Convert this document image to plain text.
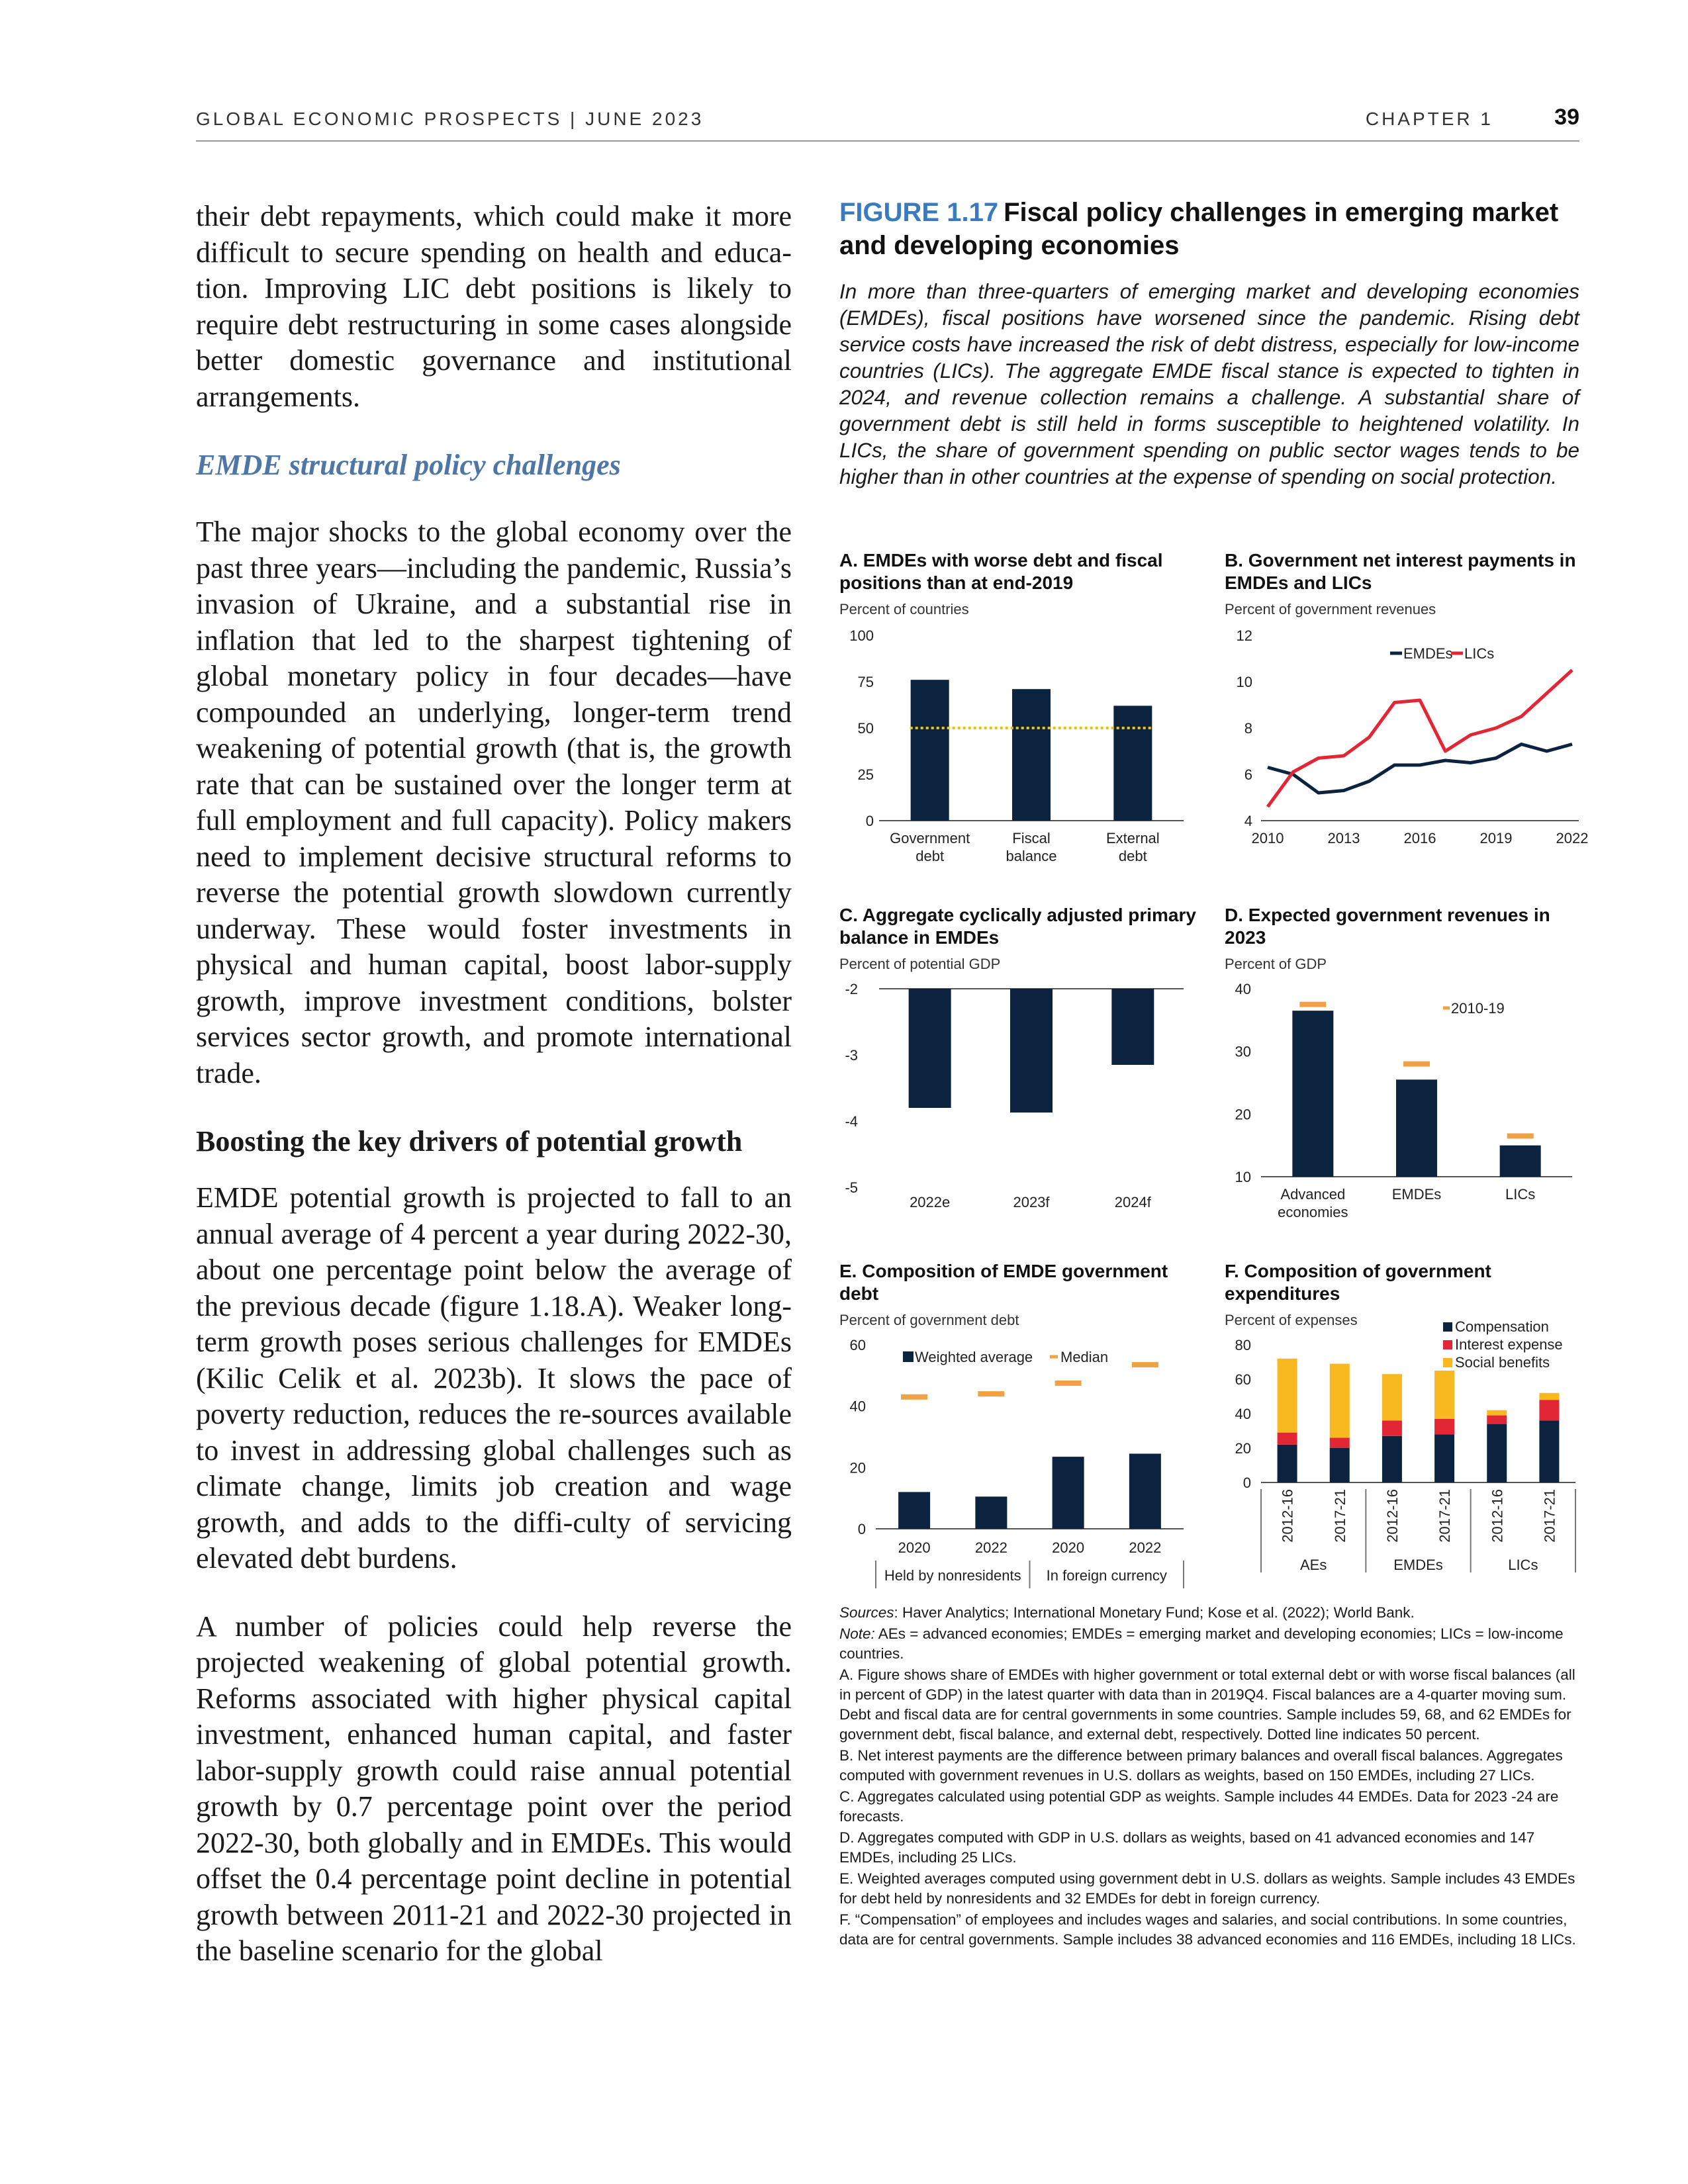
GLOBAL ECONOMIC PROSPECTS | JUNE 2023	CHAPTER 1	39

their debt repayments, which could make it more difficult to secure spending on health and educa-tion. Improving LIC debt positions is likely to require debt restructuring in some cases alongside better domestic governance and institutional arrangements.

EMDE structural policy challenges

The major shocks to the global economy over the past three years—including the pandemic, Russia’s invasion of Ukraine, and a substantial rise in inflation that led to the sharpest tightening of global monetary policy in four decades—have compounded an underlying, longer-term trend weakening of potential growth (that is, the growth rate that can be sustained over the longer term at full employment and full capacity). Policy makers need to implement decisive structural reforms to reverse the potential growth slowdown currently underway. These would foster investments in physical and human capital, boost labor-supply growth, improve investment conditions, bolster services sector growth, and promote international trade.

Boosting the key drivers of potential growth

EMDE potential growth is projected to fall to an annual average of 4 percent a year during 2022-30, about one percentage point below the average of the previous decade (figure 1.18.A). Weaker long-term growth poses serious challenges for EMDEs (Kilic Celik et al. 2023b). It slows the pace of poverty reduction, reduces the re-sources available to invest in addressing global challenges such as climate change, limits job creation and wage growth, and adds to the diffi-culty of servicing elevated debt burdens.

A number of policies could help reverse the projected weakening of global potential growth. Reforms associated with higher physical capital investment, enhanced human capital, and faster labor-supply growth could raise annual potential growth by 0.7 percentage point over the period 2022-30, both globally and in EMDEs. This would offset the 0.4 percentage point decline in potential growth between 2011-21 and 2022-30 projected in the baseline scenario for the global

FIGURE 1.17 Fiscal policy challenges in emerging market and developing economies

In more than three-quarters of emerging market and developing economies (EMDEs), fiscal positions have worsened since the pandemic. Rising debt service costs have increased the risk of debt distress, especially for low-income countries (LICs). The aggregate EMDE fiscal stance is expected to tighten in 2024, and revenue collection remains a challenge. A substantial share of government debt is still held in forms susceptible to heightened volatility. In LICs, the share of government spending on public sector wages tends to be higher than in other countries at the expense of spending on social protection.

A. EMDEs with worse debt and fiscal positions than at end-2019
Percent of countries
0
25
50
75
100
Government
debt
Fiscal
balance
External
debt
B. Government net interest payments in EMDEs and LICs
Percent of government revenues
4
6
8
10
12
2010	2013	2016	2019	2022
EMDEs LICs
C. Aggregate cyclically adjusted primary balance in EMDEs
Percent of potential GDP
-2
-3
-4
-5
2022e	2023f	2024f
D. Expected government revenues in 2023
Percent of GDP
10
20
30
40
Advanced
economies
EMDEs	LICs
2010-19
E. Composition of EMDE government debt
Percent of government debt
0
20
40
60
2020	2022	2020	2022
Held by nonresidents In foreign currency
Weighted average Median
F. Composition of government expenditures
Percent of expenses
0
20
40
60
80
2012-16 2017-21 2012-16 2017-21 2012-16 2017-21
AEs	EMDEs	LICs
Compensation
Interest expense
Social benefits

Sources: Haver Analytics; International Monetary Fund; Kose et al. (2022); World Bank.

Note: AEs = advanced economies; EMDEs = emerging market and developing economies; LICs = low-income countries.

A. Figure shows share of EMDEs with higher government or total external debt or with worse fiscal balances (all in percent of GDP) in the latest quarter with data than in 2019Q4. Fiscal balances are a 4-quarter moving sum. Debt and fiscal data are for central governments in some countries. Sample includes 59, 68, and 62 EMDEs for government debt, fiscal balance, and external debt, respectively. Dotted line indicates 50 percent.

B. Net interest payments are the difference between primary balances and overall fiscal balances. Aggregates computed with government revenues in U.S. dollars as weights, based on 150 EMDEs, including 27 LICs.

C. Aggregates calculated using potential GDP as weights. Sample includes 44 EMDEs. Data for 2023 -24 are forecasts.

D. Aggregates computed with GDP in U.S. dollars as weights, based on 41 advanced economies and 147 EMDEs, including 25 LICs.

E. Weighted averages computed using government debt in U.S. dollars as weights. Sample includes 43 EMDEs for debt held by nonresidents and 32 EMDEs for debt in foreign currency.

F. “Compensation” of employees and includes wages and salaries, and social contributions. In some countries, data are for central governments. Sample includes 38 advanced economies and 116 EMDEs, including 18 LICs.
